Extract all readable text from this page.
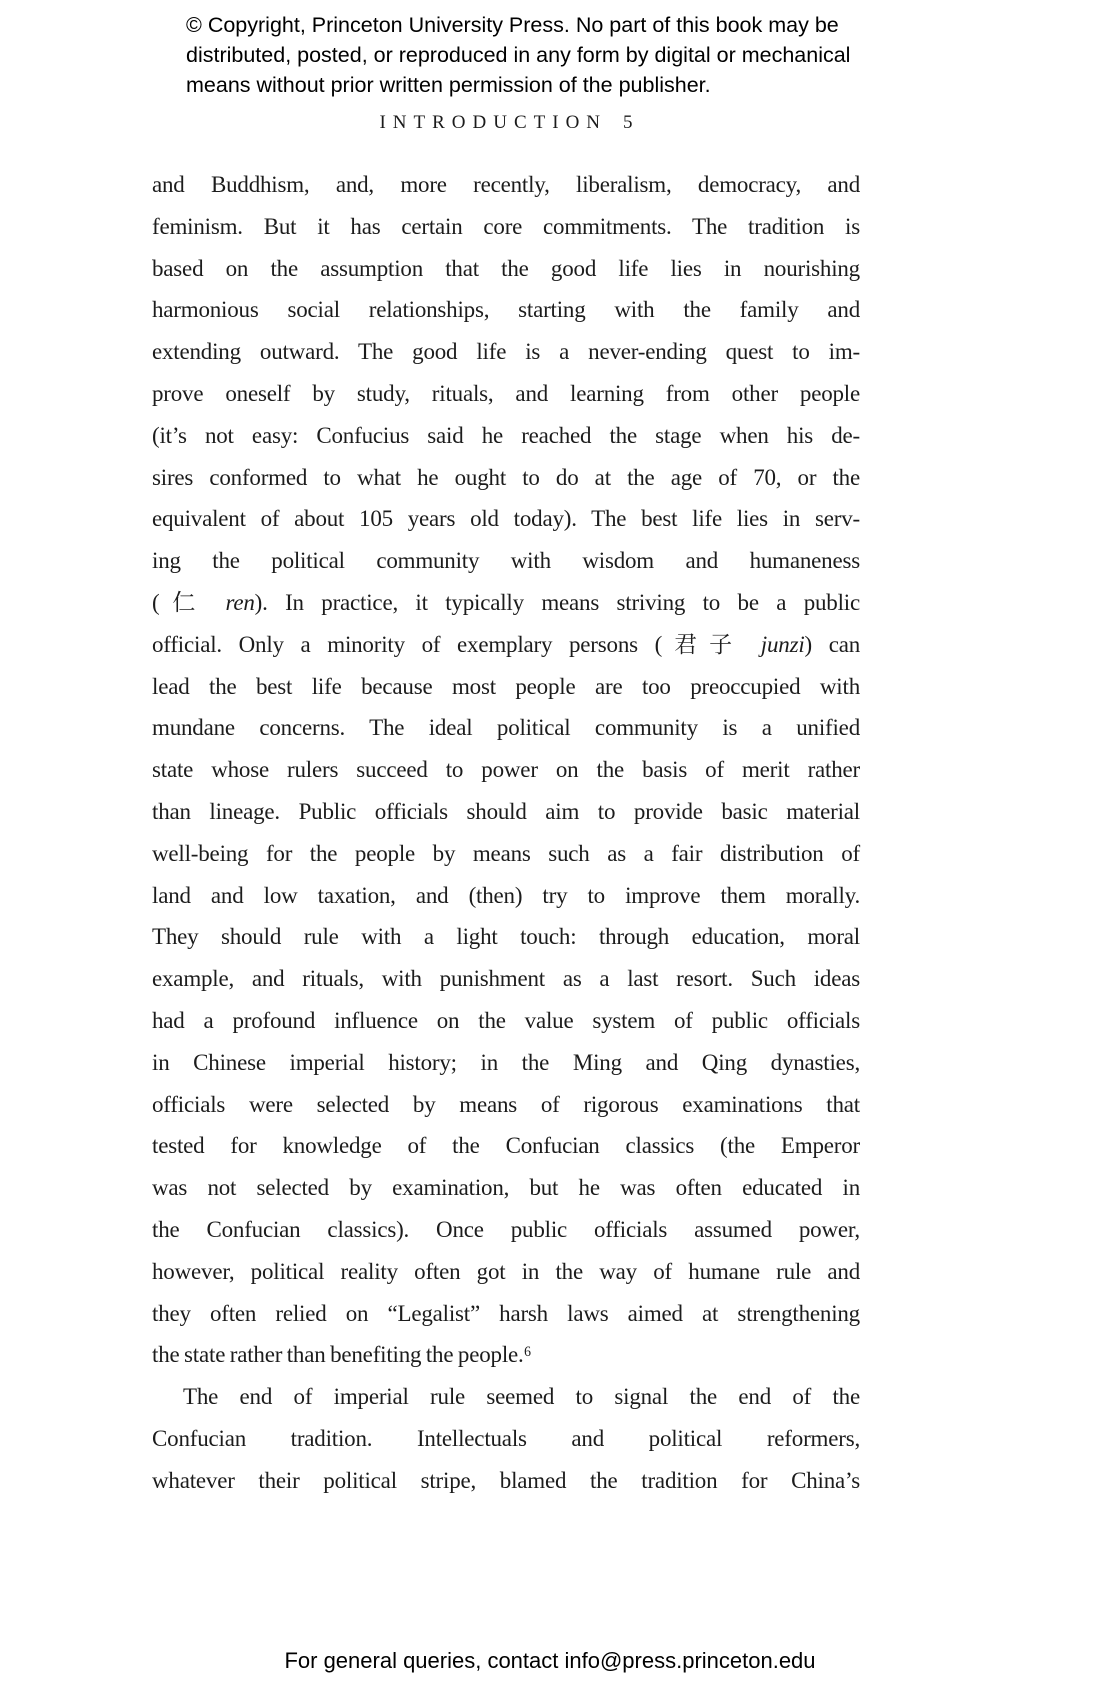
© Copyright, Princeton University Press. No part of this book may be
distributed, posted, or reproduced in any form by digital or mechanical
means without prior written permission of the publisher.
INTRODUCTION 5
and Buddhism, and, more recently, liberalism, democracy, and
feminism. But it has certain core commitments. The tradition is
based on the assumption that the good life lies in nourishing
harmonious social relationships, starting with the family and
extending outward. The good life is a never-ending quest to im-
prove oneself by study, rituals, and learning from other people
(it’s not easy: Confucius said he reached the stage when his de-
sires conformed to what he ought to do at the age of 70, or the
equivalent of about 105 years old today). The best life lies in serv-
ing the political community with wisdom and humaneness
(仁 ren). In practice, it typically means striving to be a public
official. Only a minority of exemplary persons (君子 junzi) can
lead the best life because most people are too preoccupied with
mundane concerns. The ideal political community is a unified
state whose rulers succeed to power on the basis of merit rather
than lineage. Public officials should aim to provide basic material
well-being for the people by means such as a fair distribution of
land and low taxation, and (then) try to improve them morally.
They should rule with a light touch: through education, moral
example, and rituals, with punishment as a last resort. Such ideas
had a profound influence on the value system of public officials
in Chinese imperial history; in the Ming and Qing dynasties,
officials were selected by means of rigorous examinations that
tested for knowledge of the Confucian classics (the Emperor
was not selected by examination, but he was often educated in
the Confucian classics). Once public officials assumed power,
however, political reality often got in the way of humane rule and
they often relied on “Legalist” harsh laws aimed at strengthening
the state rather than benefiting the people.⁶
The end of imperial rule seemed to signal the end of the
Confucian tradition. Intellectuals and political reformers,
whatever their political stripe, blamed the tradition for China’s
For general queries, contact info@press.princeton.edu
